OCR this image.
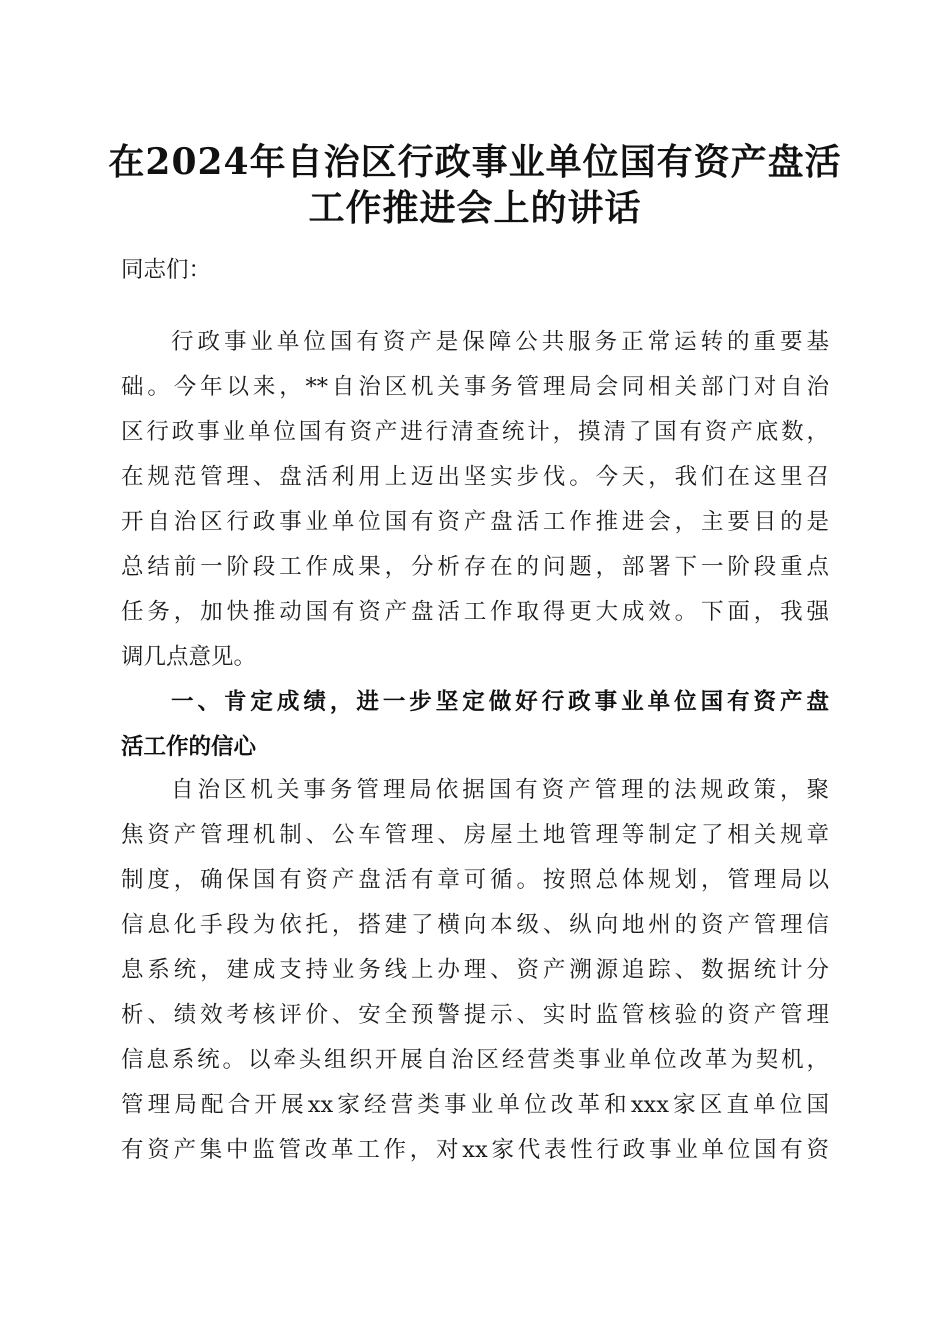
在2024年自治区行政事业单位国有资产盘活
工作推进会上的讲话
同志们：
行政事业单位国有资产是保障公共服务正常运转的重要基
础。今年以来，**自治区机关事务管理局会同相关部门对自治
区行政事业单位国有资产进行清查统计，摸清了国有资产底数，
在规范管理、盘活利用上迈出坚实步伐。今天，我们在这里召
开自治区行政事业单位国有资产盘活工作推进会，主要目的是
总结前一阶段工作成果，分析存在的问题，部署下一阶段重点
任务，加快推动国有资产盘活工作取得更大成效。下面，我强
调几点意见。
一、肯定成绩，进一步坚定做好行政事业单位国有资产盘
活工作的信心
自治区机关事务管理局依据国有资产管理的法规政策，聚
焦资产管理机制、公车管理、房屋土地管理等制定了相关规章
制度，确保国有资产盘活有章可循。按照总体规划，管理局以
信息化手段为依托，搭建了横向本级、纵向地州的资产管理信
息系统，建成支持业务线上办理、资产溯源追踪、数据统计分
析、绩效考核评价、安全预警提示、实时监管核验的资产管理
信息系统。以牵头组织开展自治区经营类事业单位改革为契机，
管理局配合开展xx家经营类事业单位改革和xxx家区直单位国
有资产集中监管改革工作，对xx家代表性行政事业单位国有资
